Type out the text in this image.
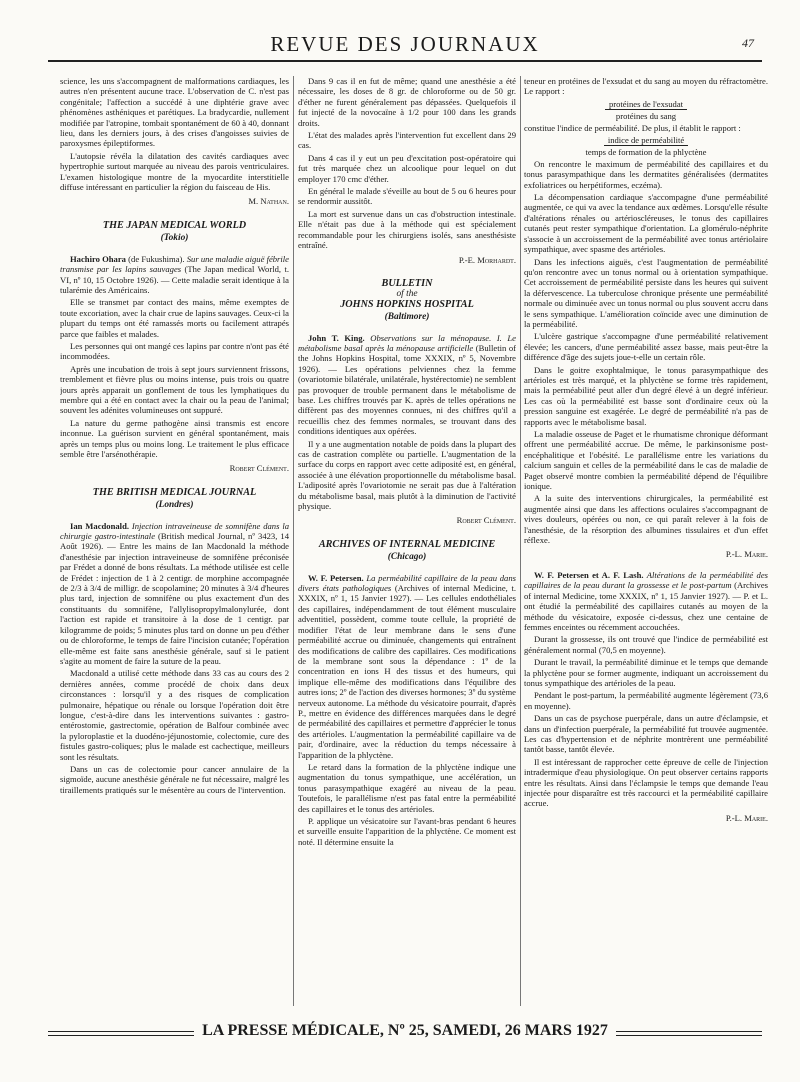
REVUE DES JOURNAUX	47

science, les uns s'accompagnent de malformations cardiaques, les autres n'en présentent aucune trace. L'observation de C. n'est pas congénitale; l'affection a succédé à une diphtérie grave avec phénomènes asthéniques et parétiques. La bradycardie, nullement modifiée par l'atropine, tombait spontanément de 60 à 40, donnant lieu, dans les derniers jours, à des crises d'angoisses suivies de paroxysmes épileptiformes.

L'autopsie révéla la dilatation des cavités cardiaques avec hypertrophie surtout marquée au niveau des parois ventriculaires. L'examen histologique montre de la myocardite interstitielle diffuse intéressant en particulier la région du faisceau de His.

M. Nathan.

THE JAPAN MEDICAL WORLD

(Tokio)

Hachiro Ohara (de Fukushima). Sur une maladie aiguë fébrile transmise par les lapins sauvages (The Japan medical World, t. VI, nº 10, 15 Octobre 1926). — Cette maladie serait identique à la tularémie des Américains.

Elle se transmet par contact des mains, même exemptes de toute excoriation, avec la chair crue de lapins sauvages. Ceux-ci la plupart du temps ont été ramassés morts ou facilement attrapés parce que faibles et malades.

Les personnes qui ont mangé ces lapins par contre n'ont pas été incommodées.

Après une incubation de trois à sept jours surviennent frissons, tremblement et fièvre plus ou moins intense, puis trois ou quatre jours après apparait un gonflement de tous les lymphatiques du membre qui a été en contact avec la chair ou la peau de l'animal; souvent les adénites volumineuses ont suppuré.

La nature du germe pathogène ainsi transmis est encore inconnue. La guérison survient en général spontanément, mais après un temps plus ou moins long. Le traitement le plus efficace semble être l'arsénothérapie.

Robert Clément.

THE BRITISH MEDICAL JOURNAL

(Londres)

Ian Macdonald. Injection intraveineuse de somnifène dans la chirurgie gastro-intestinale (British medical Journal, nº 3423, 14 Août 1926). — Entre les mains de Ian Macdonald la méthode d'anesthésie par injection intraveineuse de somnifène préconisée par Frédet a donné de bons résultats. La méthode utilisée est celle de Frédet : injection de 1 à 2 centigr. de morphine accompagnée de 2/3 à 3/4 de milligr. de scopolamine; 20 minutes à 3/4 d'heures plus tard, injection de somnifène ou plus exactement d'un des constituants du somnifène, l'allylisopropylmalonylurée, dont l'action est rapide et transitoire à la dose de 1 centigr. par kilogramme de poids; 5 minutes plus tard on donne un peu d'éther ou de chloroforme, le temps de faire l'incision cutanée; l'opération elle-même est faite sans anesthésie générale, sauf si le patient s'agite au moment de faire la suture de la peau.

Macdonald a utilisé cette méthode dans 33 cas au cours des 2 dernières années, comme procédé de choix dans deux circonstances : lorsqu'il y a des risques de complication pulmonaire, hépatique ou rénale ou lorsque l'opération doit être longue, c'est-à-dire dans les interventions suivantes : gastro-entérostomie, gastrectomie, opération de Balfour combinée avec la pyloroplastie et la duodéno-jéjunostomie, colectomie, cure des fistules gastro-coliques; plus le malade est cachectique, meilleurs sont les résultats.

Dans un cas de colectomie pour cancer annulaire de la sigmoïde, aucune anesthésie générale ne fut nécessaire, malgré les tiraillements pratiqués sur le mésentère au cours de l'intervention.

Dans 9 cas il en fut de même; quand une anesthésie a été nécessaire, les doses de 8 gr. de chloroforme ou de 50 gr. d'éther ne furent généralement pas dépassées. Quelquefois il fut injecté de la novocaïne à 1/2 pour 100 dans les grands droits.

L'état des malades après l'intervention fut excellent dans 29 cas.

Dans 4 cas il y eut un peu d'excitation post-opératoire qui fut très marquée chez un alcoolique pour lequel on dut employer 170 cmc d'éther.

En général le malade s'éveille au bout de 5 ou 6 heures pour se rendormir aussitôt.

La mort est survenue dans un cas d'obstruction intestinale. Elle n'était pas due à la méthode qui est spécialement recommandable pour les chirurgiens isolés, sans anesthésiste entraîné.

P.-E. Morhardt.

BULLETIN

of the

JOHNS HOPKINS HOSPITAL

(Baltimore)

John T. King. Observations sur la ménopause. I. Le métabolisme basal après la ménopause artificielle (Bulletin of the Johns Hopkins Hospital, tome XXXIX, nº 5, Novembre 1926). — Les opérations pelviennes chez la femme (ovariotomie bilatérale, unilatérale, hystérectomie) ne semblent pas provoquer de trouble permanent dans le métabolisme de base. Les chiffres trouvés par K. après de telles opérations ne diffèrent pas des moyennes connues, ni des chiffres qu'il a recueillis chez des femmes normales, se trouvant dans des conditions identiques aux opérées.

Il y a une augmentation notable de poids dans la plupart des cas de castration complète ou partielle. L'augmentation de la surface du corps en rapport avec cette adiposité est, en général, associée à une élévation proportionnelle du métabolisme basal. L'adiposité après l'ovariotomie ne serait pas due à l'altération du métabolisme basal, mais plutôt à la diminution de l'activité physique.

Robert Clément.

ARCHIVES OF INTERNAL MEDICINE

(Chicago)

W. F. Petersen. La perméabilité capillaire de la peau dans divers états pathologiques (Archives of internal Medicine, t. XXXIX, nº 1, 15 Janvier 1927). — Les cellules endothéliales des capillaires, indépendamment de tout élément musculaire adventitiel, possèdent, comme toute cellule, la propriété de modifier l'état de leur membrane dans le sens d'une perméabilité accrue ou diminuée, changements qui entraînent des modifications de calibre des capillaires. Ces modifications de la membrane sont sous la dépendance : 1º de la concentration en ions H des tissus et des humeurs, qui implique elle-même des modifications dans l'équilibre des autres ions; 2º de l'action des diverses hormones; 3º du système nerveux autonome. La méthode du vésicatoire pourrait, d'après P., mettre en évidence des différences marquées dans le degré de perméabilité des capillaires et permettre d'apprécier le tonus des artérioles. L'augmentation la perméabilité capillaire va de pair, d'ordinaire, avec la réduction du temps nécessaire à l'apparition de la phlyctène.

Le retard dans la formation de la phlyctène indique une augmentation du tonus sympathique, une accélération, un tonus parasympathique exagéré au niveau de la peau. Toutefois, le parallélisme n'est pas fatal entre la perméabilité des capillaires et le tonus des artérioles.

P. applique un vésicatoire sur l'avant-bras pendant 6 heures et surveille ensuite l'apparition de la phlyctène. Ce moment est noté. Il détermine ensuite la

teneur en protéines de l'exsudat et du sang au moyen du réfractomètre. Le rapport :

protéines de l'exsudat

protéines du sang

constitue l'indice de perméabilité. De plus, il établit le rapport :

indice de perméabilité

temps de formation de la phlyctène

On rencontre le maximum de perméabilité des capillaires et du tonus parasympathique dans les dermatites généralisées (dermatites exfoliatrices ou herpétiformes, eczéma).

La décompensation cardiaque s'accompagne d'une perméabilité augmentée, ce qui va avec la tendance aux œdèmes. Lorsqu'elle résulte d'altérations rénales ou artérioscléreuses, le tonus des capillaires cutanés peut rester sympathique d'orientation. La glomérulo-néphrite s'associe à un accroissement de la perméabilité avec tonus artériolaire sympathique, avec spasme des artérioles.

Dans les infections aiguës, c'est l'augmentation de perméabilité qu'on rencontre avec un tonus normal ou à orientation sympathique. Cet accroissement de perméabilité persiste dans les heures qui suivent la défervescence. La tuberculose chronique présente une perméabilité normale ou diminuée avec un tonus normal ou plus souvent accru dans le sens sympathique. L'amélioration coïncide avec une diminution de la perméabilité.

L'ulcère gastrique s'accompagne d'une perméabilité relativement élevée; les cancers, d'une perméabilité assez basse, mais peut-être la différence d'âge des sujets joue-t-elle un certain rôle.

Dans le goitre exophtalmique, le tonus parasympathique des artérioles est très marqué, et la phlyctène se forme très rapidement, mais la perméabilité peut aller d'un degré élevé à un degré inférieur. Les cas où la perméabilité est basse sont d'ordinaire ceux où la pression sanguine est exagérée. Le degré de perméabilité n'a pas de rapports avec le métabolisme basal.

La maladie osseuse de Paget et le rhumatisme chronique déformant offrent une perméabilité accrue. De même, le parkinsonisme post-encéphalitique et l'obésité. Le parallélisme entre les variations du calcium sanguin et celles de la perméabilité dans le cas de maladie de Paget observé montre combien la perméabilité dépend de l'équilibre ionique.

A la suite des interventions chirurgicales, la perméabilité est augmentée ainsi que dans les affections oculaires s'accompagnant de vives douleurs, opérées ou non, ce qui paraît relever à la fois de l'anesthésie, de la résorption des albumines tissulaires et d'un effet réflexe.

P.-L. Marie.

W. F. Petersen et A. F. Lash. Altérations de la perméabilité des capillaires de la peau durant la grossesse et le post-partum (Archives of internal Medicine, tome XXXIX, nº 1, 15 Janvier 1927). — P. et L. ont étudié la perméabilité des capillaires cutanés au moyen de la méthode du vésicatoire, exposée ci-dessus, chez une centaine de femmes enceintes ou récemment accouchées.

Durant la grossesse, ils ont trouvé que l'indice de perméabilité est généralement normal (70,5 en moyenne).

Durant le travail, la perméabilité diminue et le temps que demande la phlyctène pour se former augmente, indiquant un accroissement du tonus sympathique des artérioles de la peau.

Pendant le post-partum, la perméabilité augmente légèrement (73,6 en moyenne).

Dans un cas de psychose puerpérale, dans un autre d'éclampsie, et dans un d'infection puerpérale, la perméabilité fut trouvée augmentée. Les cas d'hypertension et de néphrite montrèrent une perméabilité tantôt basse, tantôt élevée.

Il est intéressant de rapprocher cette épreuve de celle de l'injection intradermique d'eau physiologique. On peut observer certains rapports entre les résultats. Ainsi dans l'éclampsie le temps que demande l'eau injectée pour disparaître est très raccourci et la perméabilité capillaire accrue.

P.-L. Marie.

LA PRESSE MÉDICALE, Nº 25, SAMEDI, 26 MARS 1927
